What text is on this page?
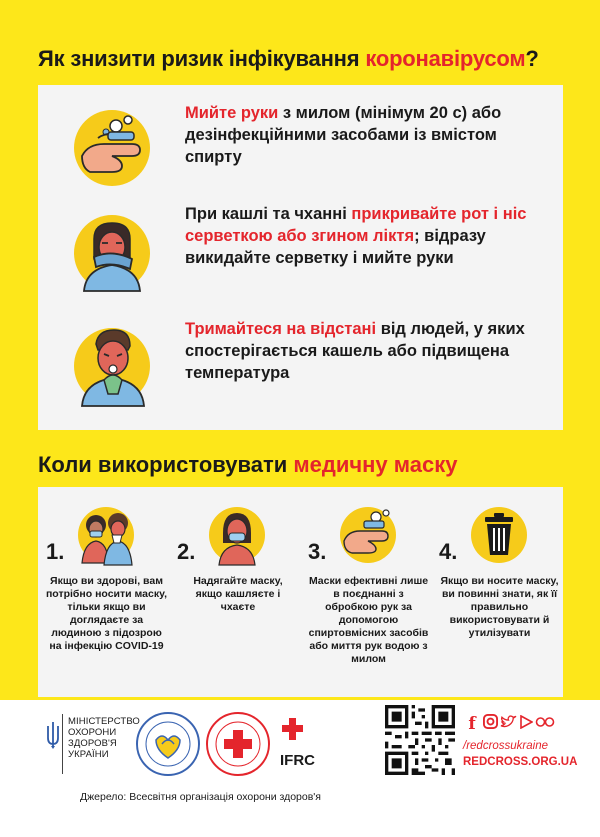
Як знизити ризик інфікування коронавірусом?
Мийте руки з милом (мінімум 20 с) або дезінфекційними засобами із вмістом спирту
При кашлі та чханні прикривайте рот і ніс серветкою або згином ліктя; відразу викидайте серветку і мийте руки
Тримайтеся на відстані від людей, у яких спостерігається кашель або підвищена температура
Коли використовувати медичну маску
1.
Якщо ви здорові, вам потрібно носити маску, тільки якщо ви доглядаєте за людиною з підозрою на інфекцію COVID-19
2.
Надягайте маску, якщо кашляєте і чхаєте
3.
Маски ефективні лише в поєднанні з обробкою рук за допомогою спиртовмісних засобів або миття рук водою з милом
4.
Якщо ви носите маску, ви повинні знати, як її правильно використовувати й утилізувати
МІНІСТЕРСТВО
ОХОРОНИ
ЗДОРОВ'Я
УКРАЇНИ	IFRC
f
/redcrossukraine
REDCROSS.ORG.UA
Джерело: Всесвітня організація охорони здоров'я
